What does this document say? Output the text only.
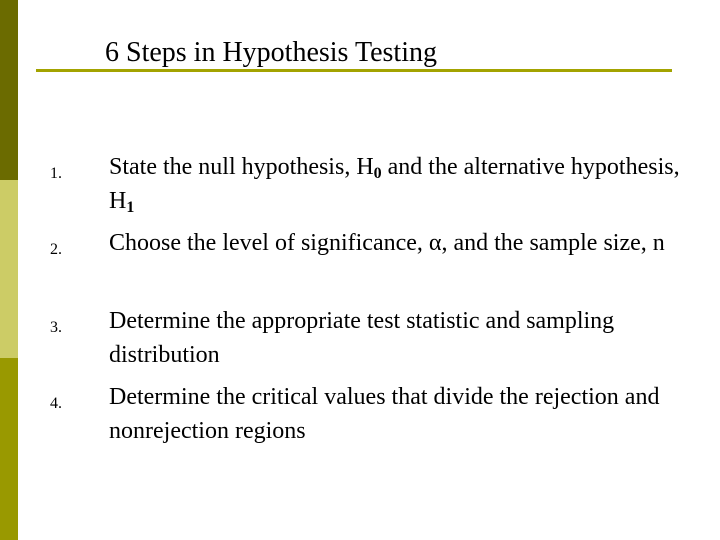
6 Steps in Hypothesis Testing
1. State the null hypothesis, $H_0$ and the alternative hypothesis, $H_1$
2. Choose the level of significance, α, and the sample size, n
3. Determine the appropriate test statistic and sampling distribution
4. Determine the critical values that divide the rejection and nonrejection regions
